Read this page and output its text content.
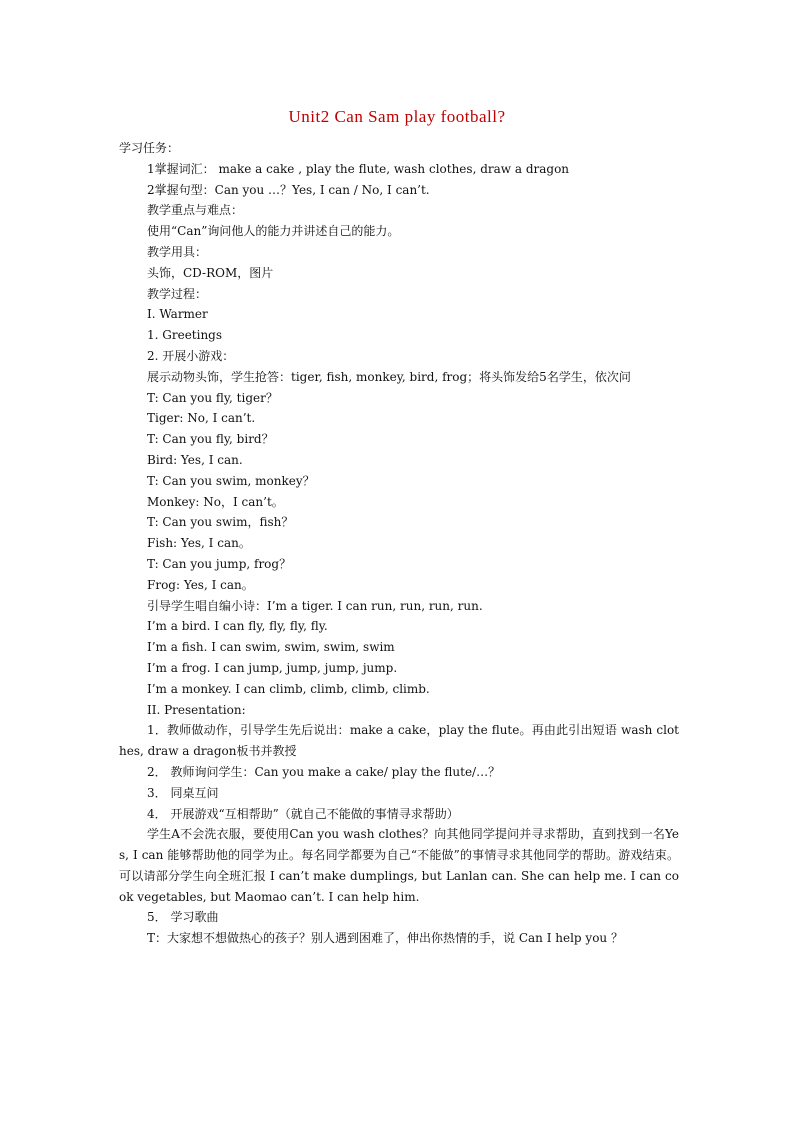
Unit2 Can Sam play football?

学习任务：

1掌握词汇： make a cake , play the flute, wash clothes, draw a dragon

2掌握句型：Can you …？Yes, I can / No, I can’t.

教学重点与难点：

使用“Can”询问他人的能力并讲述自己的能力。

教学用具：

头饰，CD-ROM，图片

教学过程：

I. Warmer

1. Greetings

2. 开展小游戏：

展示动物头饰，学生抢答：tiger, fish, monkey, bird, frog；将头饰发给5名学生，依次问

T: Can you fly, tiger？

Tiger: No, I can’t.

T: Can you fly, bird？

Bird: Yes, I can.

T: Can you swim, monkey？

Monkey: No，I can’t。

T: Can you swim，fish？

Fish: Yes, I can。

T: Can you jump, frog？

Frog: Yes, I can。

引导学生唱自编小诗：I’m a tiger. I can run, run, run, run.

I’m a bird. I can fly, fly, fly, fly.

I’m a fish. I can swim, swim, swim, swim

I’m a frog. I can jump, jump, jump, jump.

I’m a monkey. I can climb, climb, climb, climb.

II. Presentation:

1．教师做动作，引导学生先后说出：make a cake，play the flute。再由此引出短语 wash clothes, draw a dragon板书并教授

2． 教师询问学生：Can you make a cake/ play the flute/…？

3． 同桌互问

4． 开展游戏“互相帮助”（就自己不能做的事情寻求帮助）

学生A不会洗衣服，要使用Can you wash clothes？向其他同学提问并寻求帮助，直到找到一名Yes, I can 能够帮助他的同学为止。每名同学都要为自己“不能做”的事情寻求其他同学的帮助。游戏结束。可以请部分学生向全班汇报 I can’t make dumplings, but Lanlan can. She can help me. I can cook vegetables, but Maomao can’t. I can help him.

5． 学习歌曲

T：大家想不想做热心的孩子？别人遇到困难了，伸出你热情的手，说 Can I help you ？
